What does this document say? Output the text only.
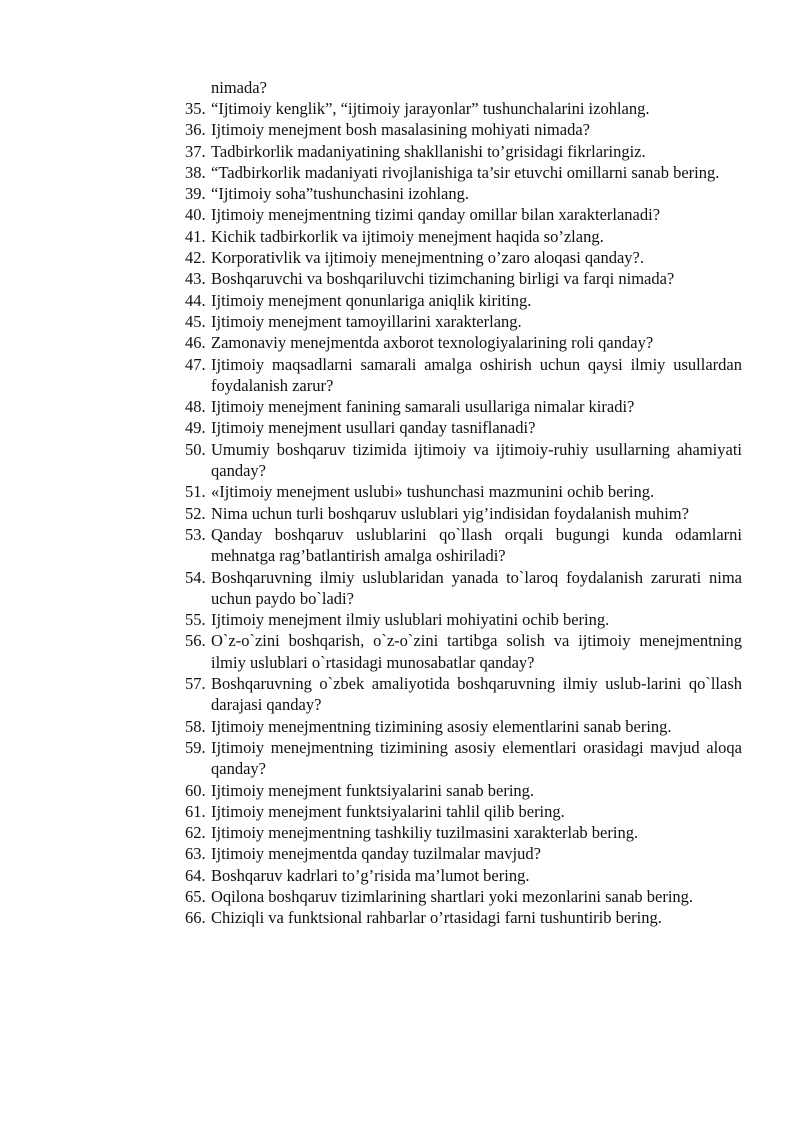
nimada?
35. “Ijtimoiy kenglik”, “ijtimoiy jarayonlar” tushunchalarini izohlang.
36. Ijtimoiy menejment bosh masalasining mohiyati nimada?
37. Tadbirkorlik madaniyatining shakllanishi to’grisidagi fikrlaringiz.
38. “Tadbirkorlik madaniyati rivojlanishiga ta’sir etuvchi omillarni sanab bering.
39. “Ijtimoiy soha”tushunchasini izohlang.
40. Ijtimoiy menejmentning tizimi qanday omillar bilan xarakterlanadi?
41. Kichik tadbirkorlik va ijtimoiy menejment haqida so’zlang.
42. Korporativlik va ijtimoiy menejmentning o’zaro aloqasi qanday?.
43. Boshqaruvchi va boshqariluvchi tizimchaning birligi va farqi nimada?
44. Ijtimoiy menejment qonunlariga aniqlik kiriting.
45. Ijtimoiy menejment tamoyillarini xarakterlang.
46. Zamonaviy menejmentda axborot texnologiyalarining roli qanday?
47. Ijtimoiy maqsadlarni samarali amalga oshirish uchun qaysi ilmiy usullardan foydalanish zarur?
48. Ijtimoiy menejment fanining samarali usullariga nimalar kiradi?
49. Ijtimoiy menejment usullari qanday tasniflanadi?
50. Umumiy boshqaruv tizimida ijtimoiy va ijtimoiy-ruhiy usullarning ahamiyati qanday?
51. «Ijtimoiy menejment uslubi» tushunchasi mazmunini ochib bering.
52. Nima uchun turli boshqaruv uslublari yig’indisidan foydalanish muhim?
53. Qanday boshqaruv uslublarini qo`llash orqali bugungi kunda odamlarni mehnatga rag’batlantirish amalga oshiriladi?
54. Boshqaruvning ilmiy uslublaridan yanada to`laroq foydalanish zarurati nima uchun paydo bo`ladi?
55. Ijtimoiy menejment ilmiy uslublari mohiyatini ochib bering.
56. O`z-o`zini boshqarish, o`z-o`zini tartibga solish va ijtimoiy menejmentning ilmiy uslublari o`rtasidagi munosabatlar qanday?
57. Boshqaruvning o`zbek amaliyotida boshqaruvning ilmiy uslub-larini qo`llash darajasi qanday?
58. Ijtimoiy menejmentning tizimining asosiy elementlarini sanab bering.
59. Ijtimoiy menejmentning tizimining asosiy elementlari orasidagi mavjud aloqa qanday?
60. Ijtimoiy menejment funktsiyalarini sanab bering.
61. Ijtimoiy menejment funktsiyalarini tahlil qilib bering.
62. Ijtimoiy menejmentning tashkiliy tuzilmasini xarakterlab bering.
63. Ijtimoiy menejmentda qanday tuzilmalar mavjud?
64. Boshqaruv kadrlari to’g’risida ma’lumot bering.
65. Oqilona boshqaruv tizimlarining shartlari yoki mezonlarini sanab bering.
66. Chiziqli va funktsional rahbarlar o’rtasidagi farni tushuntirib bering.
